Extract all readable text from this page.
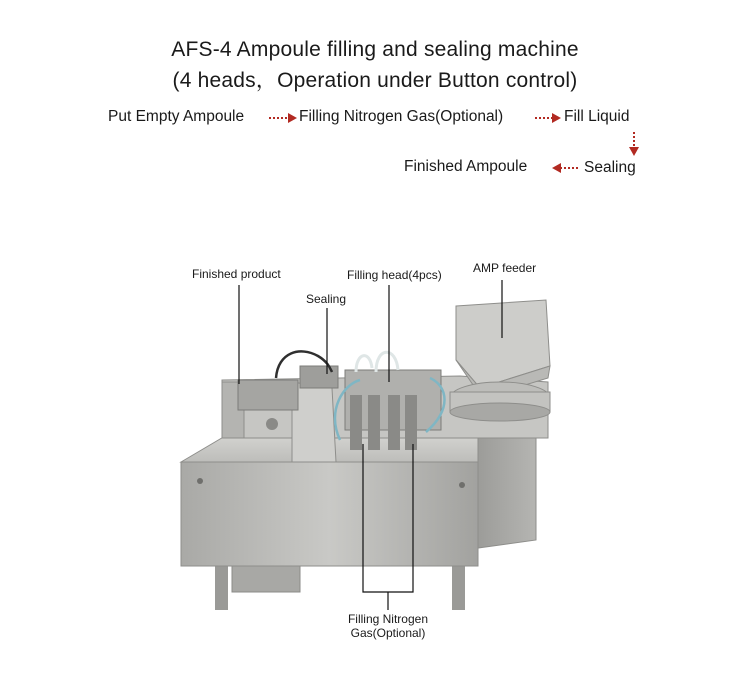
AFS-4 Ampoule filling and sealing machine
(4 heads，Operation under Button control)
Put Empty Ampoule	Filling Nitrogen Gas(Optional)	Fill Liquid
Sealing
Finished Ampoule
Finished product
Sealing
Filling head(4pcs)	AMP feeder
Filling Nitrogen
Gas(Optional)
